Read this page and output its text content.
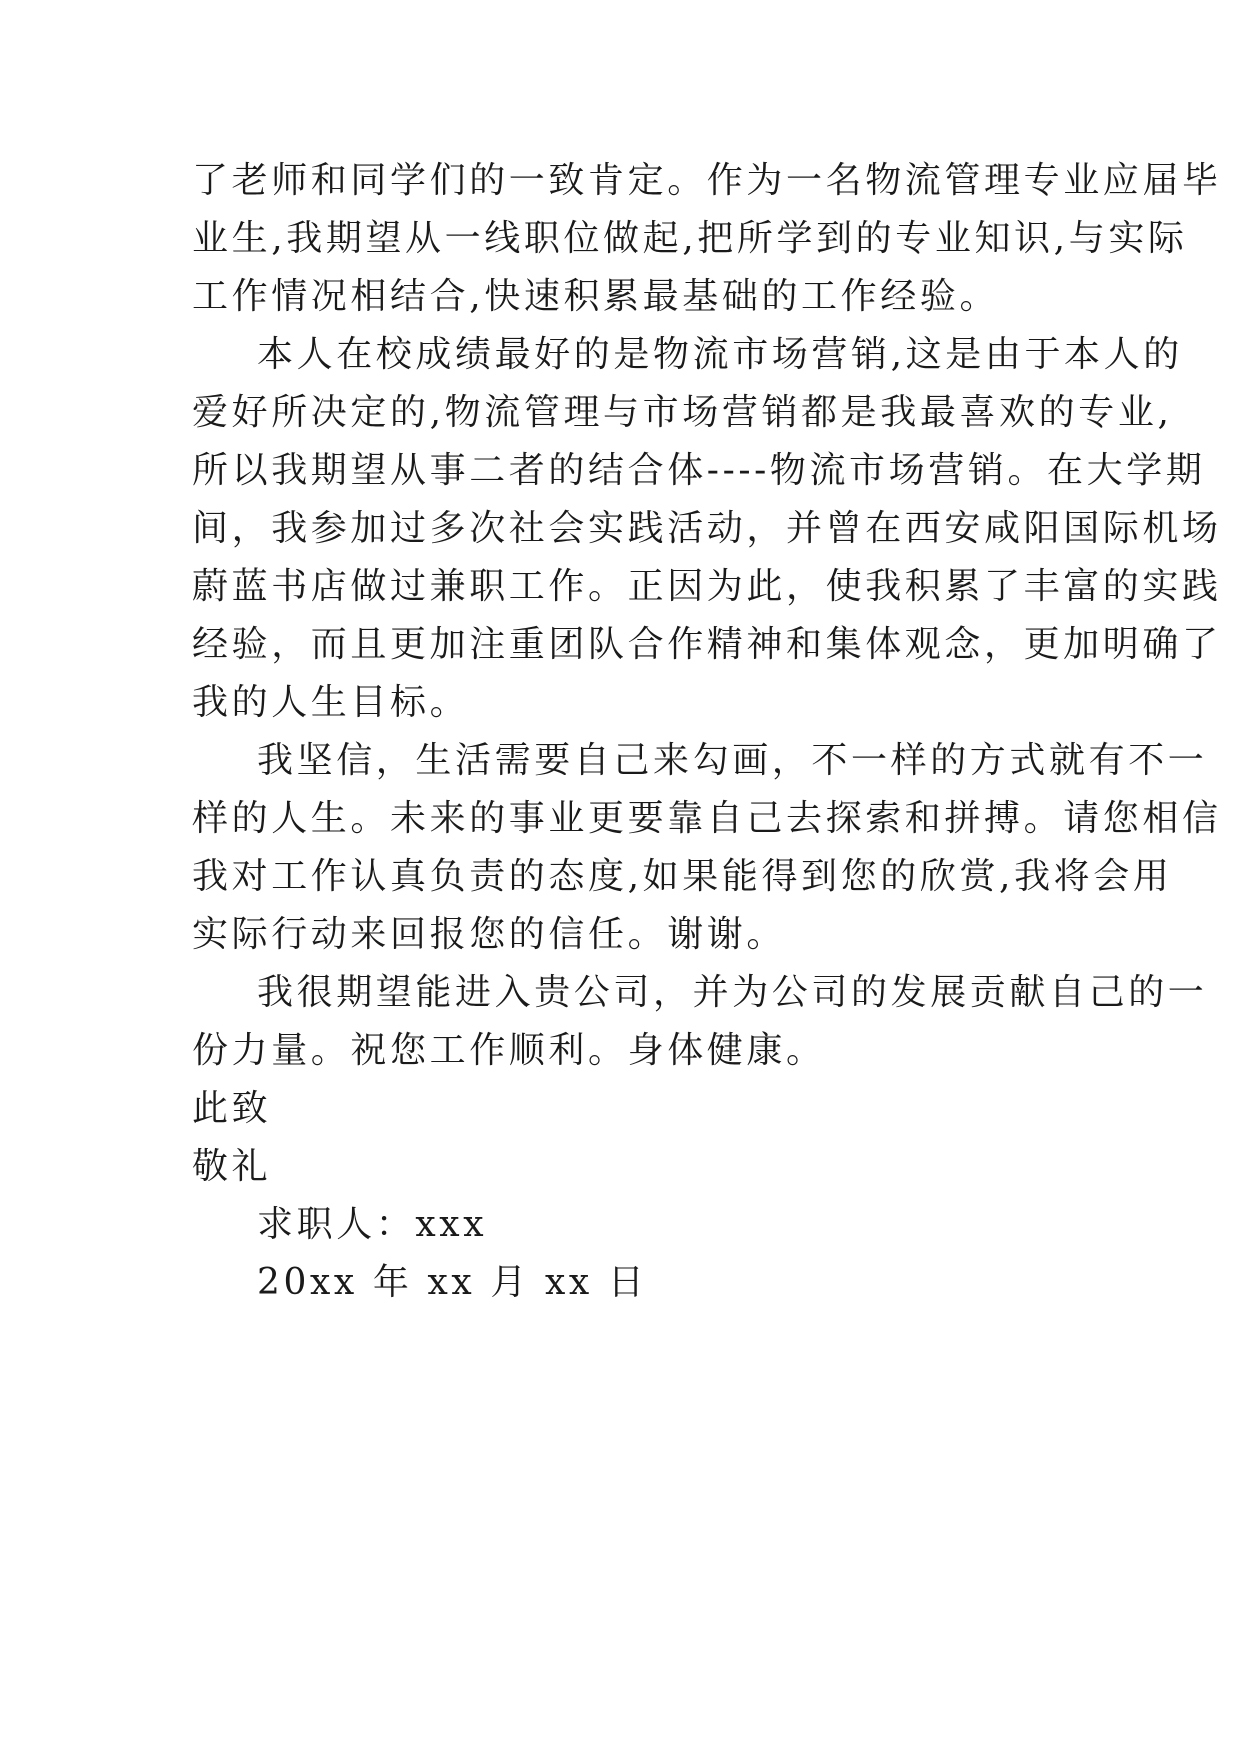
了老师和同学们的一致肯定。作为一名物流管理专业应届毕
业生,我期望从一线职位做起,把所学到的专业知识,与实际
工作情况相结合,快速积累最基础的工作经验。
本人在校成绩最好的是物流市场营销,这是由于本人的
爱好所决定的,物流管理与市场营销都是我最喜欢的专业,
所以我期望从事二者的结合体----物流市场营销。在大学期
间，我参加过多次社会实践活动，并曾在西安咸阳国际机场
蔚蓝书店做过兼职工作。正因为此，使我积累了丰富的实践
经验，而且更加注重团队合作精神和集体观念，更加明确了
我的人生目标。
我坚信，生活需要自己来勾画，不一样的方式就有不一
样的人生。未来的事业更要靠自己去探索和拼搏。请您相信
我对工作认真负责的态度,如果能得到您的欣赏,我将会用
实际行动来回报您的信任。谢谢。
我很期望能进入贵公司，并为公司的发展贡献自己的一
份力量。祝您工作顺利。身体健康。
此致
敬礼
求职人：xxx
20xx 年 xx 月 xx 日
